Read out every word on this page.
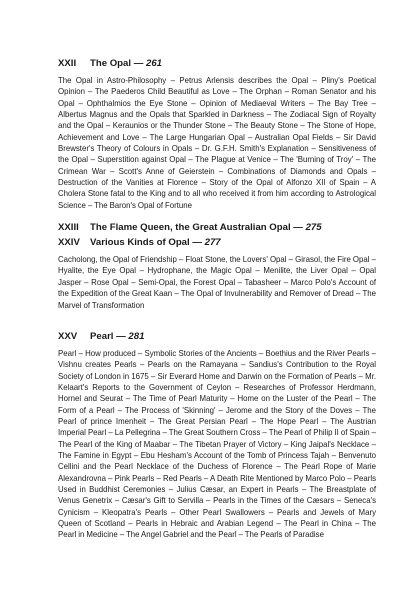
XXII	The Opal — 261

The Opal in Astro-Philosophy – Petrus Arlensis describes the Opal – Pliny's Poetical Opinion – The Paederos Child Beautiful as Love – The Orphan – Roman Senator and his Opal – Ophthalmios the Eye Stone – Opinion of Mediaeval Writers – The Bay Tree – Albertus Magnus and the Opals that Sparkled in Darkness – The Zodiacal Sign of Royalty and the Opal – Keraunios or the Thunder Stone – The Beauty Stone – The Stone of Hope, Achievement and Love – The Large Hungarian Opal – Australian Opal Fields – Sir David Brewster's Theory of Colours in Opals – Dr. G.F.H. Smith's Explanation – Sensitiveness of the Opal – Superstition against Opal – The Plague at Venice – The 'Burning of Troy' – The Crimean War – Scott's Anne of Geierstein – Combinations of Diamonds and Opals – Destruction of the Vanities at Florence – Story of the Opal of Alfonzo XII of Spain – A Cholera Stone fatal to the King and to all who received it from him according to Astrological Science – The Baron's Opal of Fortune

XXIII	The Flame Queen, the Great Australian Opal — 275
XXIV	Various Kinds of Opal — 277

Cacholong, the Opal of Friendship – Float Stone, the Lovers' Opal – Girasol, the Fire Opal – Hyalite, the Eye Opal – Hydrophane, the Magic Opal – Menilite, the Liver Opal – Opal Jasper – Rose Opal – Semi-Opal, the Forest Opal – Tabasheer – Marco Polo's Account of the Expedition of the Great Kaan – The Opal of Invulnerability and Remover of Dread – The Marvel of Transformation

XXV	Pearl — 281

Pearl – How produced – Symbolic Stories of the Ancients – Boethius and the River Pearls – Vishnu creates Pearls – Pearls on the Ramayana – Sandius's Contribution to the Royal Society of London in 1675 – Sir Everard Home and Darwin on the Formation of Pearls – Mr. Kelaart's Reports to the Government of Ceylon – Researches of Professor Herdmann, Hornel and Seurat – The Time of Pearl Maturity – Home on the Luster of the Pearl – The Form of a Pearl – The Process of 'Skinning' – Jerome and the Story of the Doves – The Pearl of prince Imenheit – The Great Persian Pearl – The Hope Pearl – The Austrian Imperial Pearl – La Pellegrina – The Great Southern Cross – The Pearl of Philip II of Spain – The Pearl of the King of Maabar – The Tibetan Prayer of Victory – King Jaipal's Necklace – The Famine in Egypt – Ebu Hesham's Account of the Tomb of Princess Tajah – Benvenuto Cellini and the Pearl Necklace of the Duchess of Florence – The Pearl Rope of Marie Alexandrovna – Pink Pearls – Red Pearls – A Death Rite Mentioned by Marco Polo – Pearls Used in Buddhist Ceremonies – Julius Cæsar, an Expert in Pearls – The Breastplate of Venus Genetrix – Cæsar's Gift to Servilla – Pearls in the Times of the Cæsars – Seneca's Cynicism – Kleopatra's Pearls – Other Pearl Swallowers – Pearls and Jewels of Mary Queen of Scotland – Pearls in Hebraic and Arabian Legend – The Pearl in China – The Pearl in Medicine – The Angel Gabriel and the Pearl – The Pearls of Paradise
